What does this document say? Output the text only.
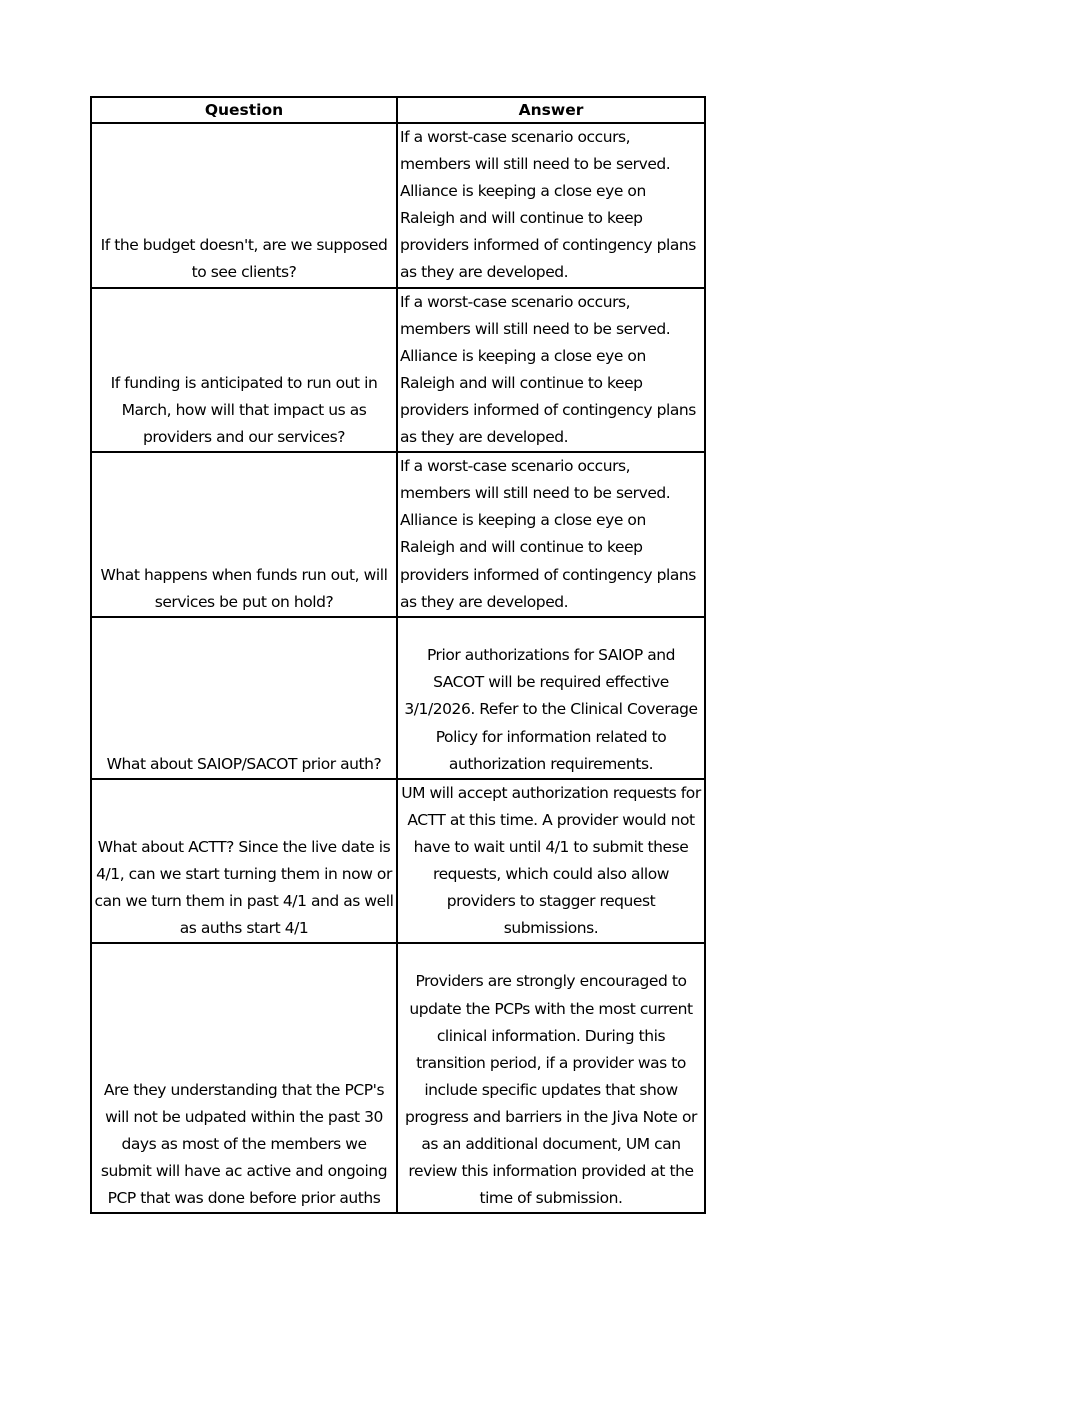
Question	Answer

If the budget doesn't, are we supposed to see clients?	If a worst-case scenario occurs, members will still need to be served. Alliance is keeping a close eye on Raleigh and will continue to keep providers informed of contingency plans as they are developed.

If funding is anticipated to run out in March, how will that impact us as providers and our services?	If a worst-case scenario occurs, members will still need to be served. Alliance is keeping a close eye on Raleigh and will continue to keep providers informed of contingency plans as they are developed.

What happens when funds run out, will services be put on hold?	If a worst-case scenario occurs, members will still need to be served. Alliance is keeping a close eye on Raleigh and will continue to keep providers informed of contingency plans as they are developed.

What about SAIOP/SACOT prior auth?	Prior authorizations for SAIOP and SACOT will be required effective 3/1/2026. Refer to the Clinical Coverage Policy for information related to authorization requirements.

What about ACTT? Since the live date is 4/1, can we start turning them in now or can we turn them in past 4/1 and as well as auths start 4/1	UM will accept authorization requests for ACTT at this time. A provider would not have to wait until 4/1 to submit these requests, which could also allow providers to stagger request submissions.

Are they understanding that the PCP's will not be udpated within the past 30 days as most of the members we submit will have ac active and ongoing PCP that was done before prior auths	Providers are strongly encouraged to update the PCPs with the most current clinical information. During this transition period, if a provider was to include specific updates that show progress and barriers in the Jiva Note or as an additional document, UM can review this information provided at the time of submission.
